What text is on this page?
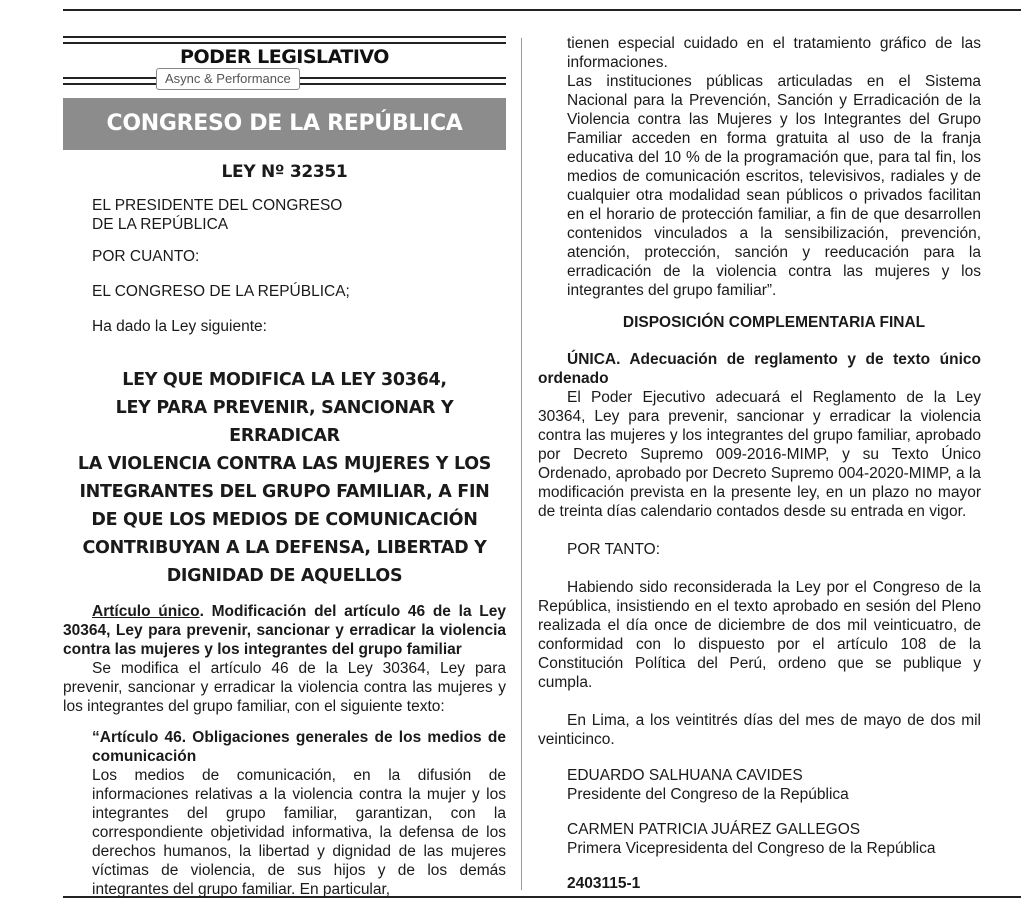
PODER LEGISLATIVO
Async & Performance
CONGRESO DE LA REPÚBLICA
LEY Nº 32351

EL PRESIDENTE DEL CONGRESO

DE LA REPÚBLICA

POR CUANTO:

EL CONGRESO DE LA REPÚBLICA;

Ha dado la Ley siguiente:

LEY QUE MODIFICA LA LEY 30364,
LEY PARA PREVENIR, SANCIONAR Y ERRADICAR
LA VIOLENCIA CONTRA LAS MUJERES Y LOS
INTEGRANTES DEL GRUPO FAMILIAR, A FIN
DE QUE LOS MEDIOS DE COMUNICACIÓN
CONTRIBUYAN A LA DEFENSA, LIBERTAD Y
DIGNIDAD DE AQUELLOS

Artículo único. Modificación del artículo 46 de la Ley 30364, Ley para prevenir, sancionar y erradicar la violencia contra las mujeres y los integrantes del grupo familiar

Se modifica el artículo 46 de la Ley 30364, Ley para prevenir, sancionar y erradicar la violencia contra las mujeres y los integrantes del grupo familiar, con el siguiente texto:

“Artículo 46. Obligaciones generales de los medios de comunicación

Los medios de comunicación, en la difusión de informaciones relativas a la violencia contra la mujer y los integrantes del grupo familiar, garantizan, con la correspondiente objetividad informativa, la defensa de los derechos humanos, la libertad y dignidad de las mujeres víctimas de violencia, de sus hijos y de los demás integrantes del grupo familiar. En particular,

tienen especial cuidado en el tratamiento gráfico de las informaciones.

Las instituciones públicas articuladas en el Sistema Nacional para la Prevención, Sanción y Erradicación de la Violencia contra las Mujeres y los Integrantes del Grupo Familiar acceden en forma gratuita al uso de la franja educativa del 10 % de la programación que, para tal fin, los medios de comunicación escritos, televisivos, radiales y de cualquier otra modalidad sean públicos o privados facilitan en el horario de protección familiar, a fin de que desarrollen contenidos vinculados a la sensibilización, prevención, atención, protección, sanción y reeducación para la erradicación de la violencia contra las mujeres y los integrantes del grupo familiar”.

DISPOSICIÓN COMPLEMENTARIA FINAL

ÚNICA. Adecuación de reglamento y de texto único ordenado

El Poder Ejecutivo adecuará el Reglamento de la Ley 30364, Ley para prevenir, sancionar y erradicar la violencia contra las mujeres y los integrantes del grupo familiar, aprobado por Decreto Supremo 009-2016-MIMP, y su Texto Único Ordenado, aprobado por Decreto Supremo 004-2020-MIMP, a la modificación prevista en la presente ley, en un plazo no mayor de treinta días calendario contados desde su entrada en vigor.

POR TANTO:

Habiendo sido reconsiderada la Ley por el Congreso de la República, insistiendo en el texto aprobado en sesión del Pleno realizada el día once de diciembre de dos mil veinticuatro, de conformidad con lo dispuesto por el artículo 108 de la Constitución Política del Perú, ordeno que se publique y cumpla.

En Lima, a los veintitrés días del mes de mayo de dos mil veinticinco.

EDUARDO SALHUANA CAVIDES

Presidente del Congreso de la República

CARMEN PATRICIA JUÁREZ GALLEGOS

Primera Vicepresidenta del Congreso de la República

2403115-1
